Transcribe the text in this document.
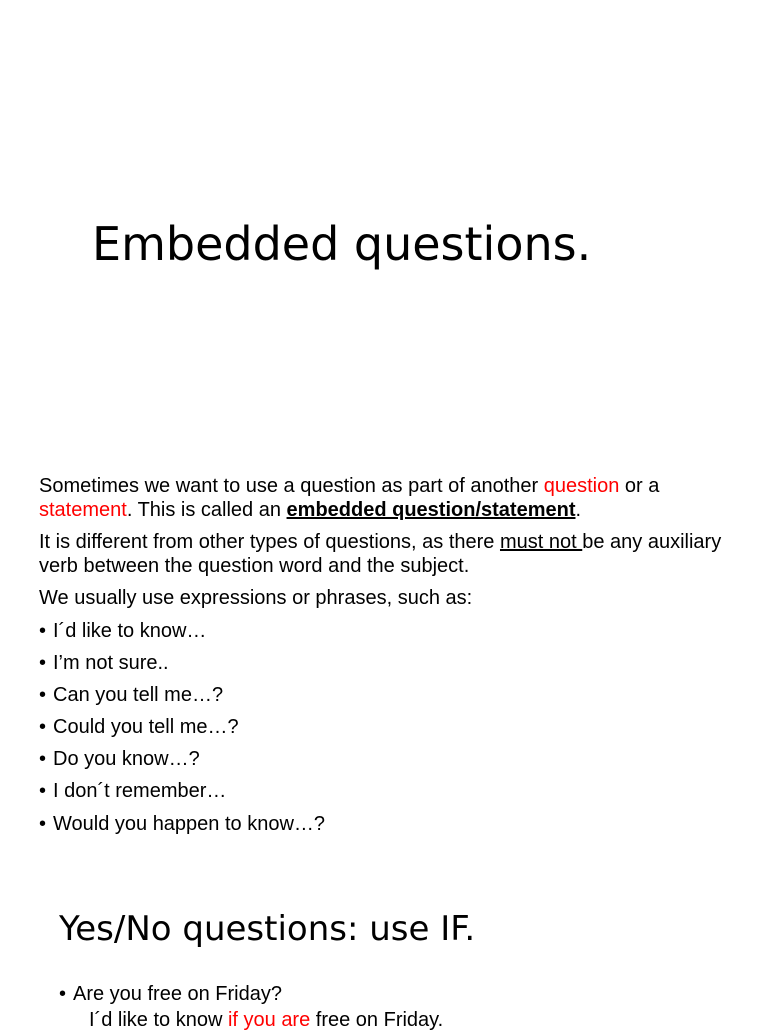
Embedded questions.

Sometimes we want to use a question as part of another question or a statement. This is called an embedded question/statement.

It is different from other types of questions, as there must not be any auxiliary verb between the question word and the subject.

We usually use expressions or phrases, such as:

• I´d like to know…
• I’m not sure..
• Can you tell me…?
• Could you tell me…?
• Do you know…?
• I don´t remember…
• Would you happen to know…?
Yes/No questions: use IF.
• Are you free on Friday?
I´d like to know if you are free on Friday.
